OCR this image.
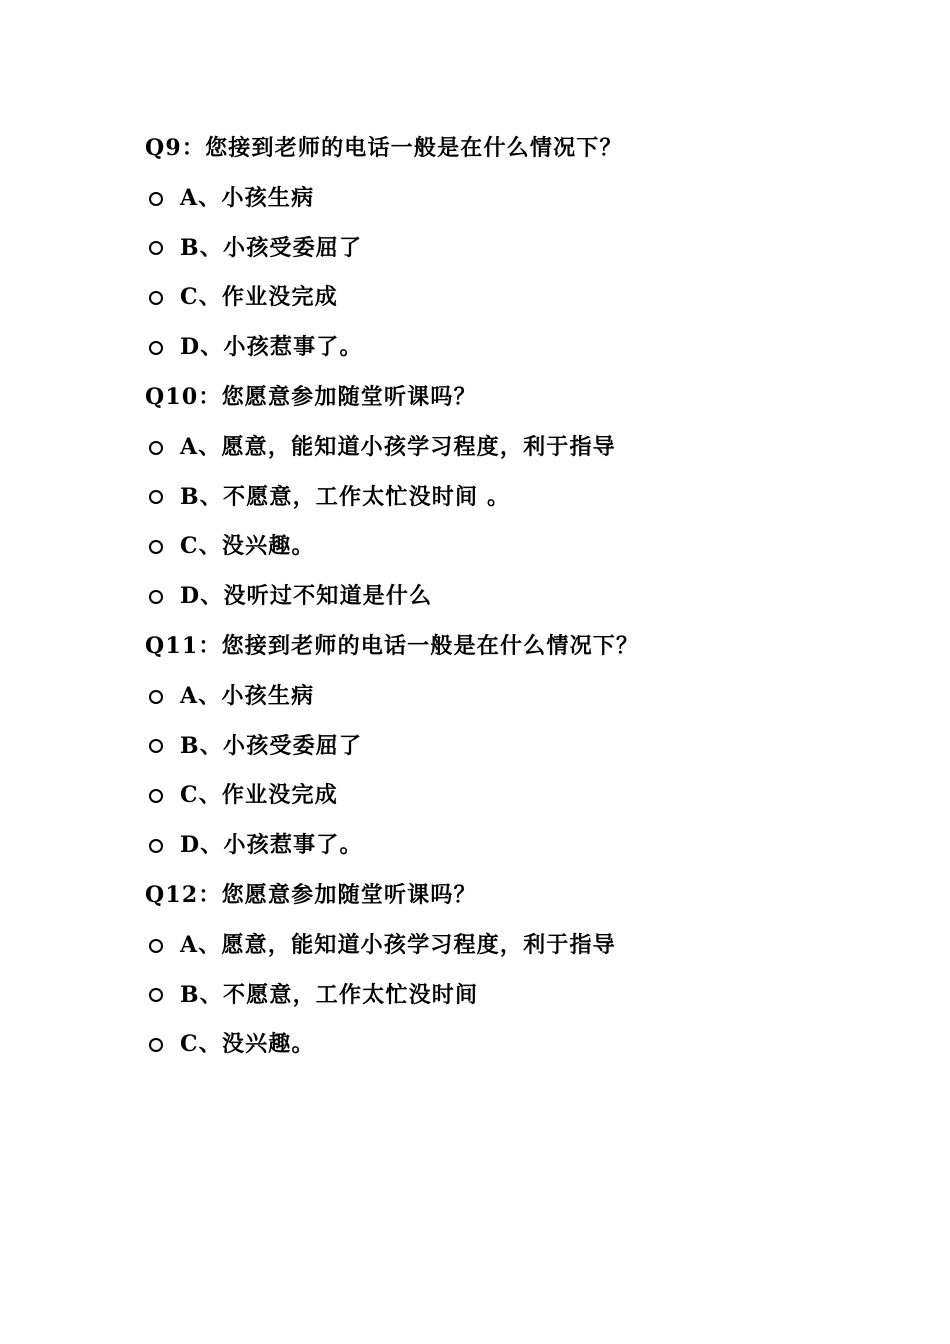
Q9：您接到老师的电话一般是在什么情况下？
A、小孩生病
B、小孩受委屈了
C、作业没完成
D、小孩惹事了。
Q10：您愿意参加随堂听课吗？
A、愿意，能知道小孩学习程度，利于指导
B、不愿意，工作太忙没时间 。
C、没兴趣。
D、没听过不知道是什么
Q11：您接到老师的电话一般是在什么情况下？
A、小孩生病
B、小孩受委屈了
C、作业没完成
D、小孩惹事了。
Q12：您愿意参加随堂听课吗？
A、愿意，能知道小孩学习程度，利于指导
B、不愿意，工作太忙没时间
C、没兴趣。
